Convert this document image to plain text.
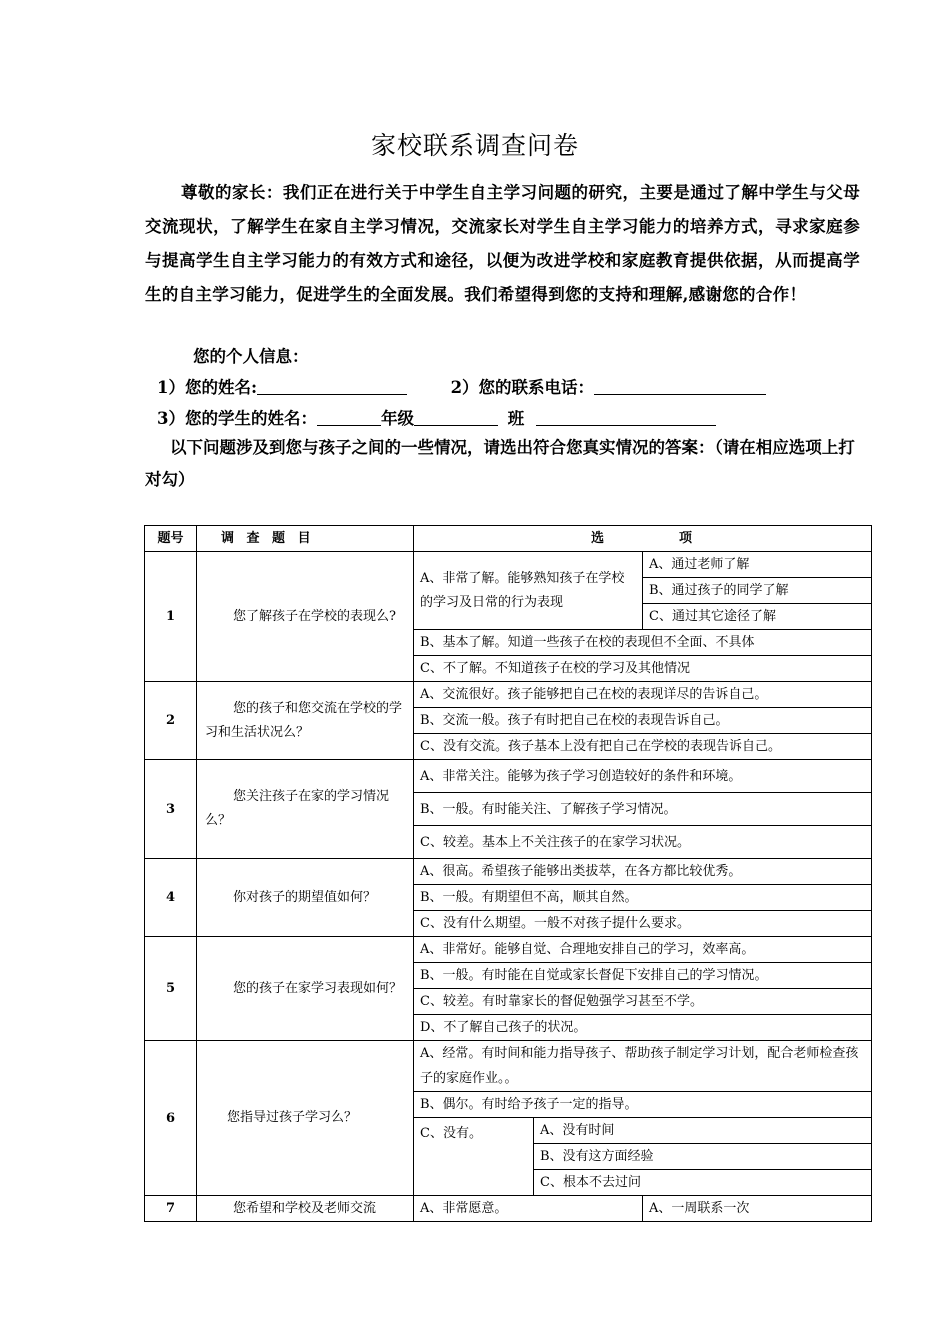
家校联系调查问卷
尊敬的家长：我们正在进行关于中学生自主学习问题的研究，主要是通过了解中学生与父母交流现状，了解学生在家自主学习情况，交流家长对学生自主学习能力的培养方式，寻求家庭参与提高学生自主学习能力的有效方式和途径，以便为改进学校和家庭教育提供依据，从而提高学生的自主学习能力，促进学生的全面发展。我们希望得到您的支持和理解,感谢您的合作！
您的个人信息：
1）您的姓名:	2）您的联系电话：
3）您的学生的姓名：	年级	班
以下问题涉及到您与孩子之间的一些情况，请选出符合您真实情况的答案：（请在相应选项上打对勾）
题号	调 查 题 目	选 项		
1	您了解孩子在学校的表现么?	A、非常了解。能够熟知孩子在学校的学习及日常的行为表现		A、通过老师了解
				B、通过孩子的同学了解
				C、通过其它途径了解
		B、基本了解。知道一些孩子在校的表现但不全面、不具体		
		C、不了解。不知道孩子在校的学习及其他情况		
2	您的孩子和您交流在学校的学习和生活状况么？	A、交流很好。孩子能够把自己在校的表现详尽的告诉自己。		
		B、交流一般。孩子有时把自己在校的表现告诉自己。		
		C、没有交流。孩子基本上没有把自己在学校的表现告诉自己。		
3	您关注孩子在家的学习情况么？	A、非常关注。能够为孩子学习创造较好的条件和环境。		
		B、一般。有时能关注、了解孩子学习情况。		
		C、较差。基本上不关注孩子的在家学习状况。		
4	你对孩子的期望值如何？	A、很高。希望孩子能够出类拔萃，在各方都比较优秀。		
		B、一般。有期望但不高，顺其自然。		
		C、没有什么期望。一般不对孩子提什么要求。		
5	您的孩子在家学习表现如何？	A、非常好。能够自觉、合理地安排自己的学习，效率高。		
		B、一般。有时能在自觉或家长督促下安排自己的学习情况。		
		C、较差。有时靠家长的督促勉强学习甚至不学。		
		D、不了解自己孩子的状况。		
6	您指导过孩子学习么？	A、经常。有时间和能力指导孩子、帮助孩子制定学习计划，配合老师检查孩子的家庭作业。。		
		B、偶尔。有时给予孩子一定的指导。		
		C、没有。	A、没有时间	
			B、没有这方面经验	
			C、根本不去过问	
7	您希望和学校及老师交流	A、非常愿意。		A、一周联系一次
